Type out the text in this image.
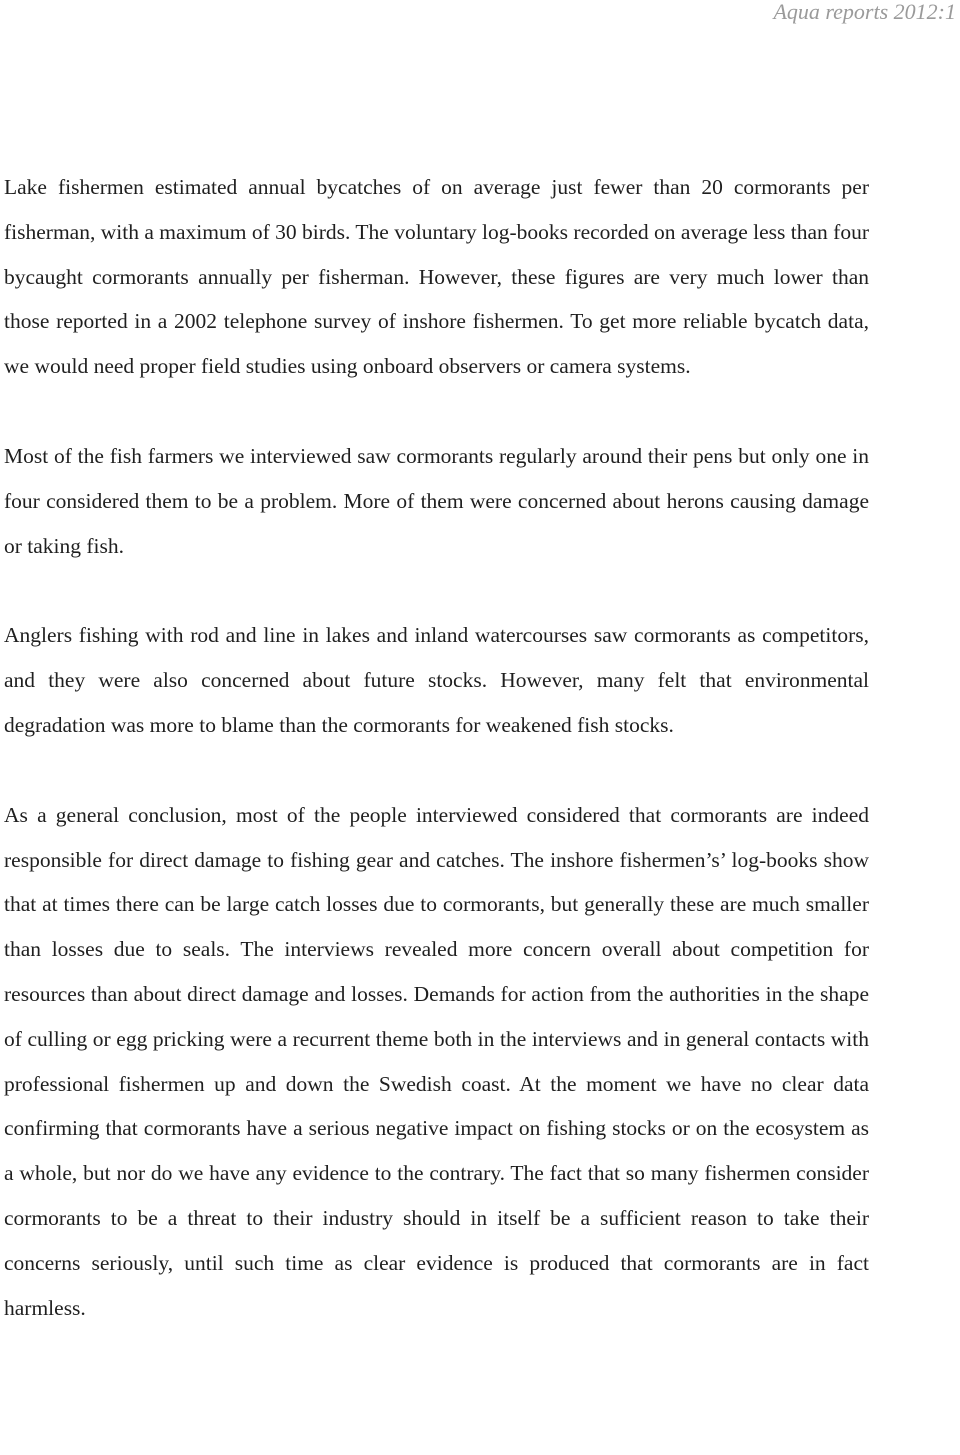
Aqua reports 2012:1

Lake fishermen estimated annual bycatches of on average just fewer than 20 cormorants per fisherman, with a maximum of 30 birds. The voluntary log-books recorded on average less than four bycaught cormorants annually per fisherman. However, these figures are very much lower than those reported in a 2002 telephone survey of inshore fishermen. To get more reliable bycatch data, we would need proper field studies using onboard observers or camera systems.

Most of the fish farmers we interviewed saw cormorants regularly around their pens but only one in four considered them to be a problem. More of them were concerned about herons causing damage or taking fish.

Anglers fishing with rod and line in lakes and inland watercourses saw cormorants as competitors, and they were also concerned about future stocks. However, many felt that environmental degradation was more to blame than the cormorants for weakened fish stocks.

As a general conclusion, most of the people interviewed considered that cormorants are indeed responsible for direct damage to fishing gear and catches. The inshore fishermen’s’ log-books show that at times there can be large catch losses due to cormorants, but generally these are much smaller than losses due to seals. The interviews revealed more concern overall about competition for resources than about direct damage and losses. Demands for action from the authorities in the shape of culling or egg pricking were a recurrent theme both in the interviews and in general contacts with professional fishermen up and down the Swedish coast. At the moment we have no clear data confirming that cormorants have a serious negative impact on fishing stocks or on the ecosystem as a whole, but nor do we have any evidence to the contrary. The fact that so many fishermen consider cormorants to be a threat to their industry should in itself be a sufficient reason to take their concerns seriously, until such time as clear evidence is produced that cormorants are in fact harmless.
